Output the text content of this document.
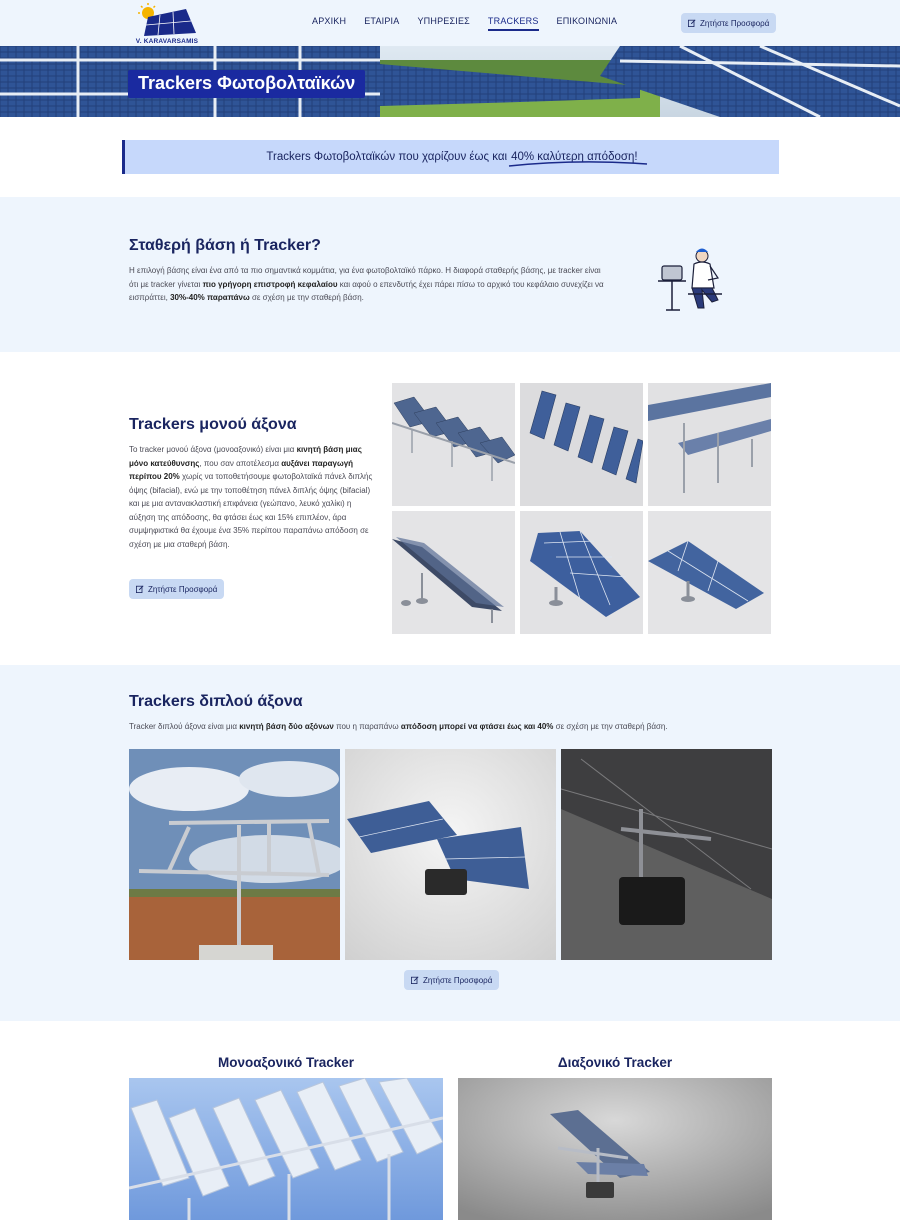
V. KARAVARSAMIS
ΑΡΧΙΚΗ ΕΤΑΙΡΙΑ ΥΠΗΡΕΣΙΕΣ TRACKERS ΕΠΙΚΟΙΝΩΝΙΑ	Ζητήστε Προσφορά
Trackers Φωτοβολταϊκών
Trackers Φωτοβολταϊκών που χαρίζουν έως και 40% καλύτερη απόδοση!
Σταθερή βάση ή Tracker?

Η επιλογή βάσης είναι ένα από τα πιο σημαντικά κομμάτια, για ένα φωτοβολταϊκό πάρκο. Η διαφορά σταθερής βάσης, με tracker είναι ότι με tracker γίνεται πιο γρήγορη επιστροφή κεφαλαίου και αφού ο επενδυτής έχει πάρει πίσω το αρχικό του κεφάλαιο συνεχίζει να εισπράττει, 30%-40% παραπάνω σε σχέση με την σταθερή βάση.

Trackers μονού άξονα

Το tracker μονού άξονα (μονοαξονικό) είναι μια κινητή βάση μιας μόνο κατεύθυνσης, που σαν αποτέλεσμα αυξάνει παραγωγή περίπου 20% χωρίς να τοποθετήσουμε φωτοβολταϊκά πάνελ διπλής όψης (bifacial), ενώ με την τοποθέτηση πάνελ διπλής όψης (bifacial) και με μια αντανακλαστική επιφάνεια (γεώπανο, λευκό χαλίκι) η αύξηση της απόδοσης, θα φτάσει έως και 15% επιπλέον, άρα συμψηφιστικά θα έχουμε ένα 35% περίπου παραπάνω απόδοση σε σχέση με μια σταθερή βάση.

Ζητήστε Προσφορά
Trackers διπλού άξονα

Tracker διπλού άξονα είναι μια κινητή βάση δύο αξόνων που η παραπάνω απόδοση μπορεί να φτάσει έως και 40% σε σχέση με την σταθερή βάση.

Ζητήστε Προσφορά
Μονοαξονικό Tracker	Διαξονικό Tracker
